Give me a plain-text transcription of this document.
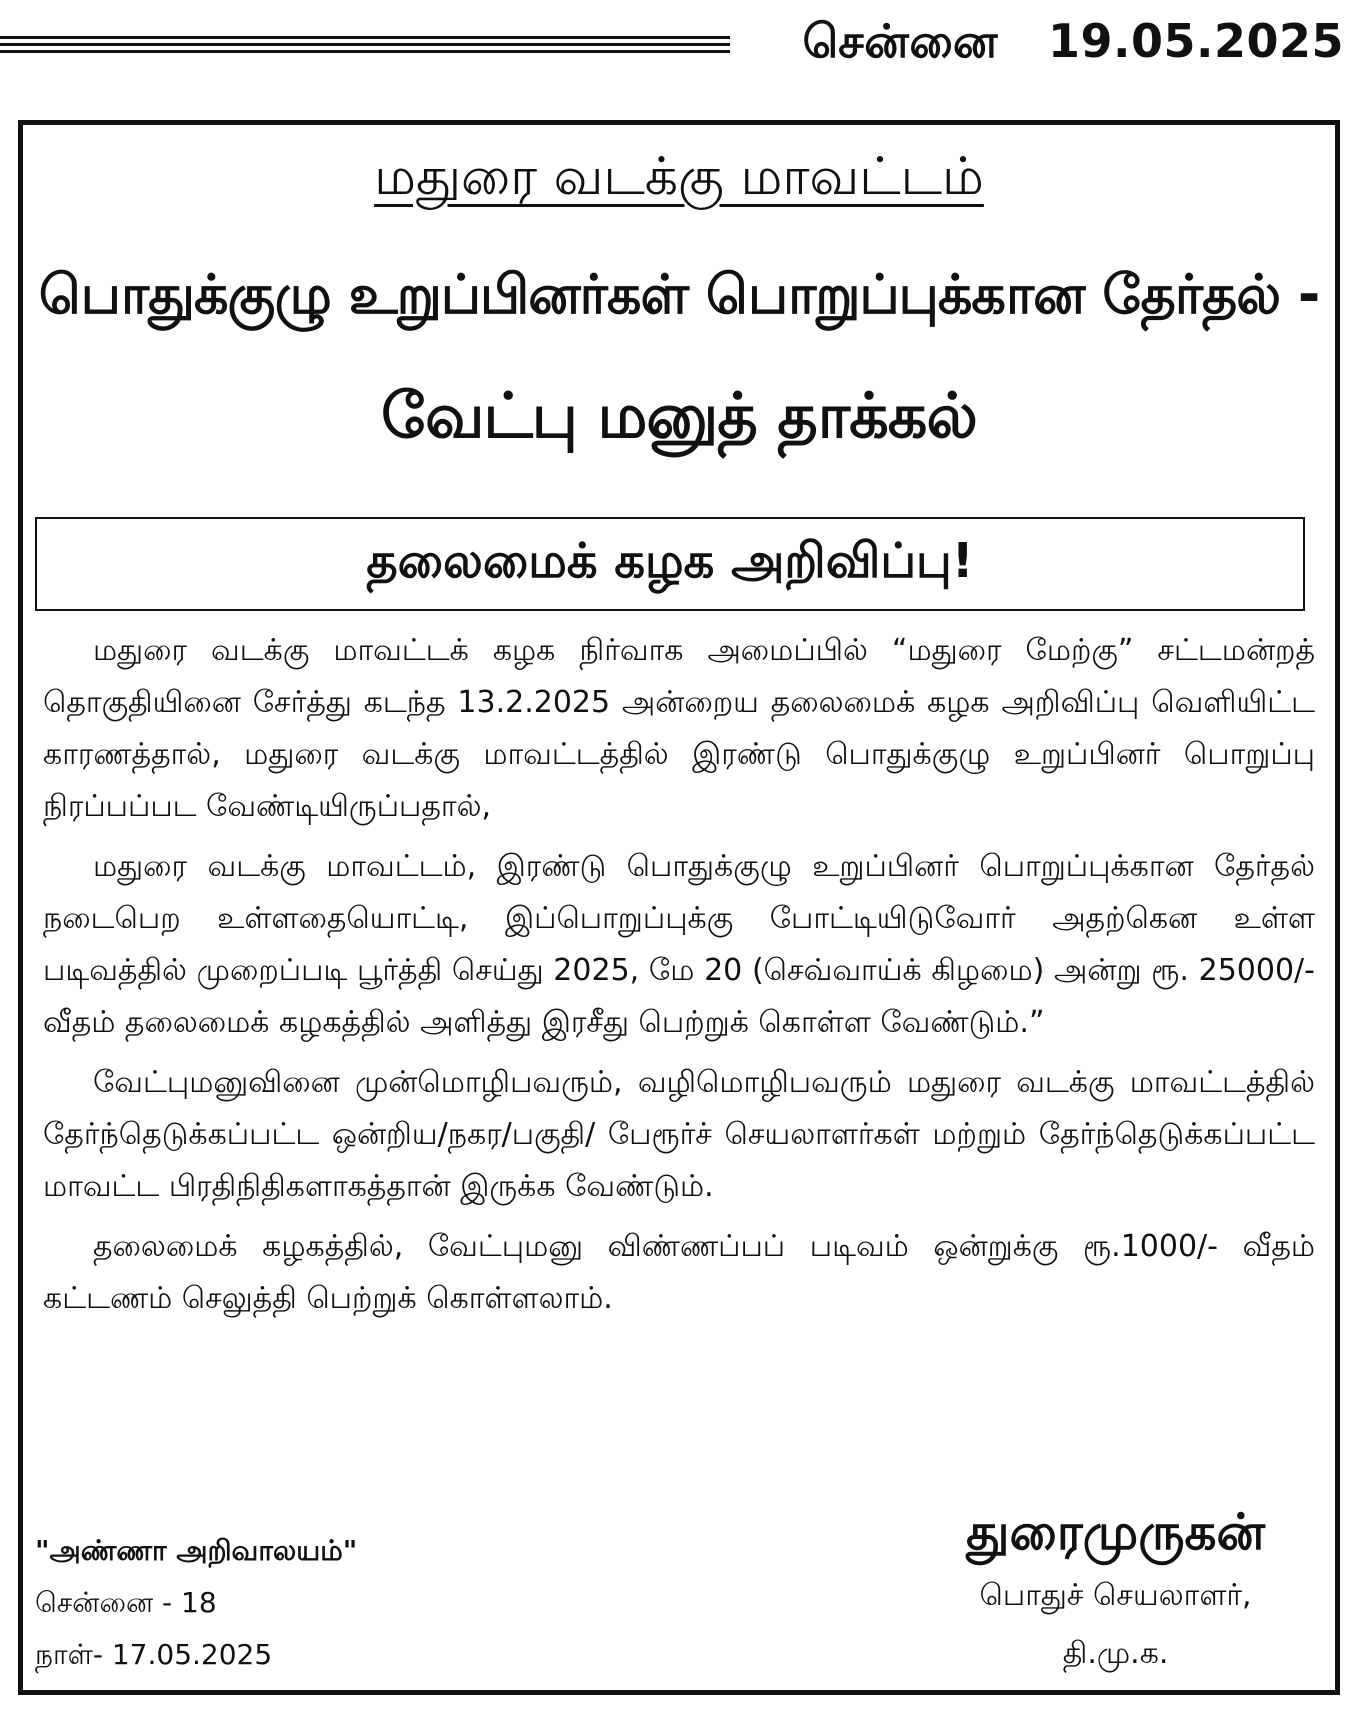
சென்னை 19.05.2025
மதுரை வடக்கு மாவட்டம்
பொதுக்குழு உறுப்பினர்கள் பொறுப்புக்கான தேர்தல் -
வேட்பு மனுத் தாக்கல்
தலைமைக் கழக அறிவிப்பு!

மதுரை வடக்கு மாவட்டக் கழக நிர்வாக அமைப்பில் “மதுரை மேற்கு” சட்டமன்றத் தொகுதியினை சேர்த்து கடந்த 13.2.2025 அன்றைய தலைமைக் கழக அறிவிப்பு வெளியிட்ட காரணத்தால், மதுரை வடக்கு மாவட்டத்தில் இரண்டு பொதுக்குழு உறுப்பினர் பொறுப்பு நிரப்பப்பட வேண்டியிருப்பதால்,

மதுரை வடக்கு மாவட்டம், இரண்டு பொதுக்குழு உறுப்பினர் பொறுப்புக்கான தேர்தல் நடைபெற உள்ளதையொட்டி, இப்பொறுப்புக்கு போட்டியிடுவோர் அதற்கென உள்ள படிவத்தில் முறைப்படி பூர்த்தி செய்து 2025, மே 20 (செவ்வாய்க் கிழமை) அன்று ரூ. 25000/-வீதம் தலைமைக் கழகத்தில் அளித்து இரசீது பெற்றுக் கொள்ள வேண்டும்.”

வேட்புமனுவினை முன்மொழிபவரும், வழிமொழிபவரும் மதுரை வடக்கு மாவட்டத்தில் தேர்ந்தெடுக்கப்பட்ட ஒன்றிய/நகர/பகுதி/ பேரூர்ச் செயலாளர்கள் மற்றும் தேர்ந்தெடுக்கப்பட்ட மாவட்ட பிரதிநிதிகளாகத்தான் இருக்க வேண்டும்.

தலைமைக் கழகத்தில், வேட்புமனு விண்ணப்பப் படிவம் ஒன்றுக்கு ரூ.1000/- வீதம் கட்டணம் செலுத்தி பெற்றுக் கொள்ளலாம்.

"அண்ணா அறிவாலயம்"
சென்னை - 18
நாள்- 17.05.2025
துரைமுருகன்
பொதுச் செயலாளர்,
தி.மு.க.
